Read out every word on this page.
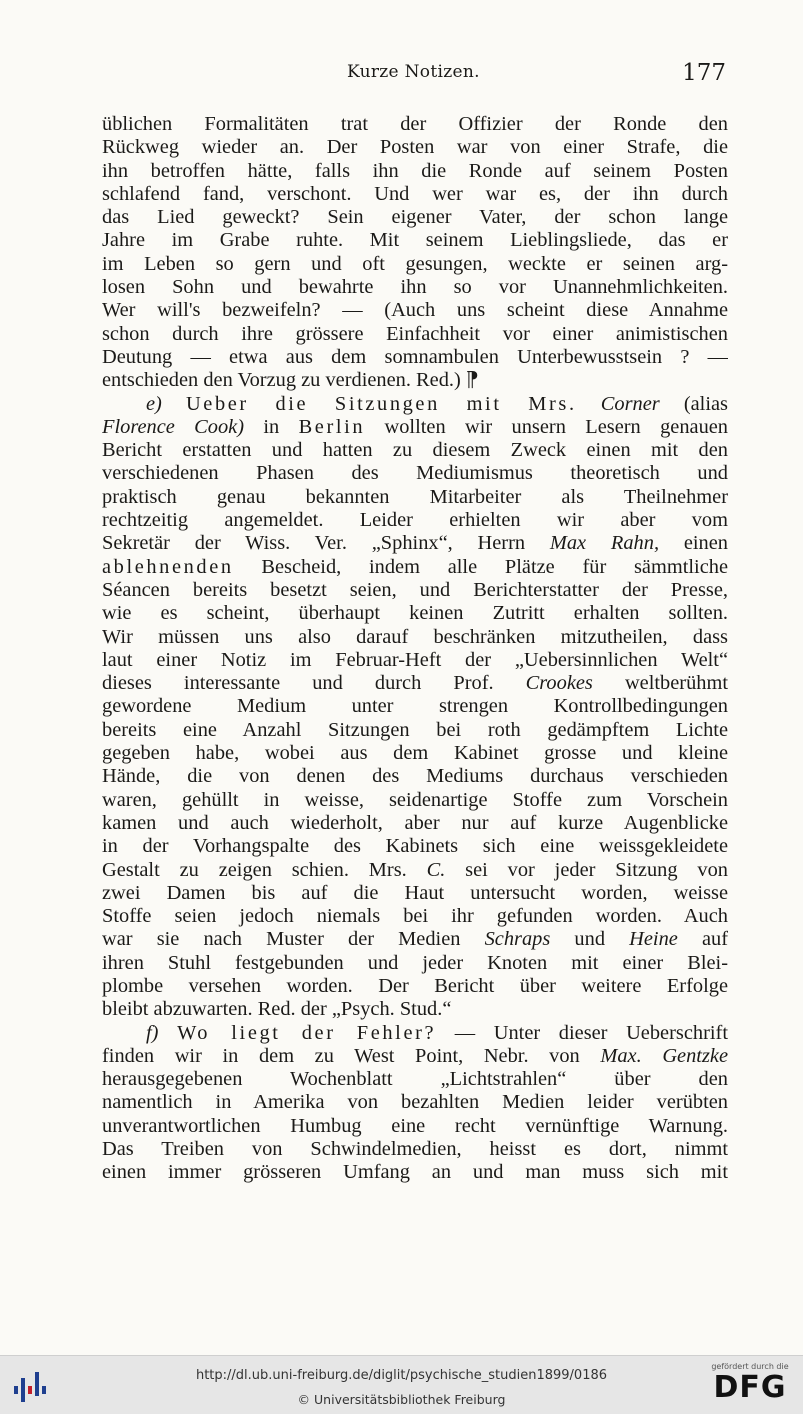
Kurze Notizen.	177
üblichen Formalitäten trat der Offizier der Ronde den
Rückweg wieder an. Der Posten war von einer Strafe, die
ihn betroffen hätte, falls ihn die Ronde auf seinem Posten
schlafend fand, verschont. Und wer war es, der ihn durch
das Lied geweckt? Sein eigener Vater, der schon lange
Jahre im Grabe ruhte. Mit seinem Lieblingsliede, das er
im Leben so gern und oft gesungen, weckte er seinen arg-
losen Sohn und bewahrte ihn so vor Unannehmlichkeiten.
Wer will's bezweifeln? — (Auch uns scheint diese Annahme
schon durch ihre grössere Einfachheit vor einer animistischen
Deutung — etwa aus dem somnambulen Unterbewusstsein ? —
entschieden den Vorzug zu verdienen. Red.) ⁋
e) Ueber die Sitzungen mit Mrs. Corner (alias
Florence Cook) in Berlin wollten wir unsern Lesern genauen
Bericht erstatten und hatten zu diesem Zweck einen mit den
verschiedenen Phasen des Mediumismus theoretisch und
praktisch genau bekannten Mitarbeiter als Theilnehmer
rechtzeitig angemeldet. Leider erhielten wir aber vom
Sekretär der Wiss. Ver. „Sphinx“, Herrn Max Rahn, einen
ablehnenden Bescheid, indem alle Plätze für sämmtliche
Séancen bereits besetzt seien, und Berichterstatter der Presse,
wie es scheint, überhaupt keinen Zutritt erhalten sollten.
Wir müssen uns also darauf beschränken mitzutheilen, dass
laut einer Notiz im Februar-Heft der „Uebersinnlichen Welt“
dieses interessante und durch Prof. Crookes weltberühmt
gewordene Medium unter strengen Kontrollbedingungen
bereits eine Anzahl Sitzungen bei roth gedämpftem Lichte
gegeben habe, wobei aus dem Kabinet grosse und kleine
Hände, die von denen des Mediums durchaus verschieden
waren, gehüllt in weisse, seidenartige Stoffe zum Vorschein
kamen und auch wiederholt, aber nur auf kurze Augenblicke
in der Vorhangspalte des Kabinets sich eine weissgekleidete
Gestalt zu zeigen schien. Mrs. C. sei vor jeder Sitzung von
zwei Damen bis auf die Haut untersucht worden, weisse
Stoffe seien jedoch niemals bei ihr gefunden worden. Auch
war sie nach Muster der Medien Schraps und Heine auf
ihren Stuhl festgebunden und jeder Knoten mit einer Blei-
plombe versehen worden. Der Bericht über weitere Erfolge
bleibt abzuwarten. Red. der „Psych. Stud.“
f) Wo liegt der Fehler? — Unter dieser Ueberschrift
finden wir in dem zu West Point, Nebr. von Max. Gentzke
herausgegebenen Wochenblatt „Lichtstrahlen“ über den
namentlich in Amerika von bezahlten Medien leider verübten
unverantwortlichen Humbug eine recht vernünftige Warnung.
Das Treiben von Schwindelmedien, heisst es dort, nimmt
einen immer grösseren Umfang an und man muss sich mit
http://dl.ub.uni-freiburg.de/diglit/psychische_studien1899/0186
© Universitätsbibliothek Freiburg
gefördert durch die
DFG
